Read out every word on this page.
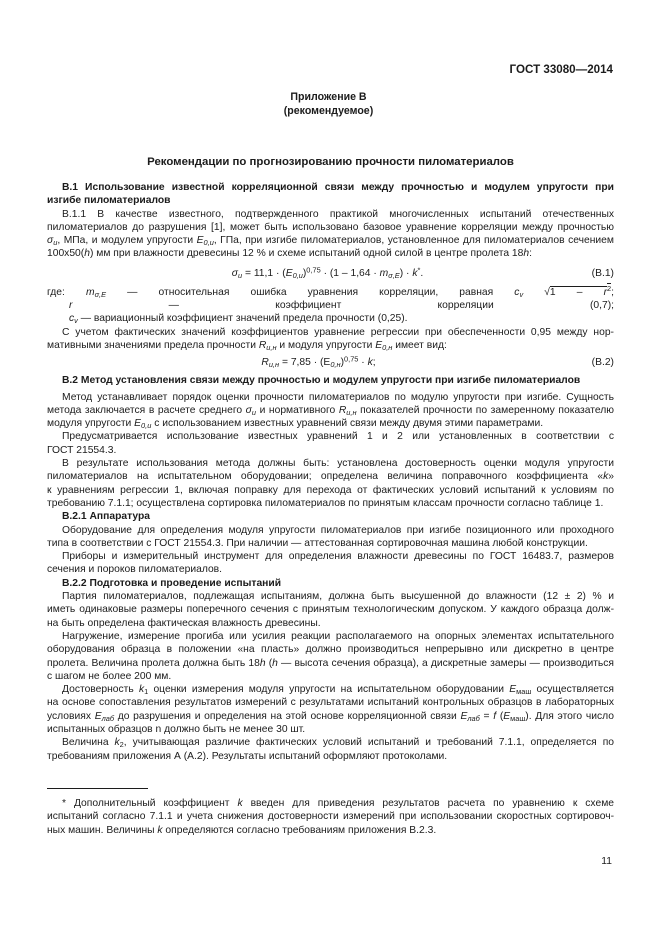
ГОСТ 33080—2014
Приложение В
(рекомендуемое)
Рекомендации по прогнозированию прочности пиломатериалов
В.1 Использование известной корреляционной связи между прочностью и модулем упругости при
изгибе пиломатериалов
В.1.1 В качестве известного, подтвержденного практикой многочисленных испытаний отечественных
пиломатериалов до разрушения [1], может быть использовано базовое уравнение корреляции между прочностью
$\sigma_и$, МПа, и модулем упругости $E_{0,и}$, ГПа, при изгибе пиломатериалов, установленное для пиломатериалов сечением
100х50(h) мм при влажности древесины 12 % и схеме испытаний одной силой в центре пролета 18h:
$\sigma_и = 11,1 \cdot (E_{0,и})^{0,75} \cdot (1 - 1,64 \cdot m_{\sigma,E}) \cdot k^*$.	(В.1)
где: $m_{\sigma,E}$ — относительная ошибка уравнения корреляции, равная $c_v$ $√1 - r^2$;
r — коэффициент корреляции (0,7);
$c_v$ — вариационный коэффициент значений предела прочности (0,25).
С учетом фактических значений коэффициентов уравнение регрессии при обеспеченности 0,95 между нор-
мативными значениями предела прочности $R_{и,н}$ и модуля упругости $E_{0,н}$ имеет вид:
$R_{и,н} = 7,85 \cdot (E_{0,н})^{0,75} \cdot k$;	(В.2)
В.2 Метод установления связи между прочностью и модулем упругости при изгибе пиломатериалов
Метод устанавливает порядок оценки прочности пиломатериалов по модулю упругости при изгибе. Сущность
метода заключается в расчете среднего $\sigma_и$ и нормативного $R_{и,н}$ показателей прочности по замеренному показателю
модуля упругости $E_{0,и}$ с использованием известных уравнений связи между двумя этими параметрами.
Предусматривается использование известных уравнений 1 и 2 или установленных в соответствии с
ГОСТ 21554.3.
В результате использования метода должны быть: установлена достоверность оценки модуля упругости
пиломатериалов на испытательном оборудовании; определена величина поправочного коэффициента «k»
к уравнениям регрессии 1, включая поправку для перехода от фактических условий испытаний к условиям по
требованию 7.1.1; осуществлена сортировка пиломатериалов по принятым классам прочности согласно таблице 1.
В.2.1 Аппаратура
Оборудование для определения модуля упругости пиломатериалов при изгибе позиционного или проходного
типа в соответствии с ГОСТ 21554.3. При наличии — аттестованная сортировочная машина любой конструкции.
Приборы и измерительный инструмент для определения влажности древесины по ГОСТ 16483.7, размеров
сечения и пороков пиломатериалов.
В.2.2 Подготовка и проведение испытаний
Партия пиломатериалов, подлежащая испытаниям, должна быть высушенной до влажности (12 ± 2) % и
иметь одинаковые размеры поперечного сечения с принятым технологическим допуском. У каждого образца долж-
на быть определена фактическая влажность древесины.
Нагружение, измерение прогиба или усилия реакции располагаемого на опорных элементах испытательного
оборудования образца в положении «на пласть» должно производиться непрерывно или дискретно в центре
пролета. Величина пролета должна быть 18h (h — высота сечения образца), а дискретные замеры — производиться
с шагом не более 200 мм.
Достоверность $k_1$ оценки измерения модуля упругости на испытательном оборудовании $E_{маш}$ осуществляется
на основе сопоставления результатов измерений с результатами испытаний контрольных образцов в лабораторных
условиях $E_{лаб}$ до разрушения и определения на этой основе корреляционной связи $E_{лаб} = f$ $(E_{маш})$. Для этого число
испытанных образцов n должно быть не менее 30 шт.
Величина $k_2$, учитывающая различие фактических условий испытаний и требований 7.1.1, определяется по
требованиям приложения А (А.2). Результаты испытаний оформляют протоколами.
* Дополнительный коэффициент k введен для приведения результатов расчета по уравнению к схеме
испытаний согласно 7.1.1 и учета снижения достоверности измерений при использовании скоростных сортировоч-
ных машин. Величины k определяются согласно требованиям приложения В.2.3.
11
